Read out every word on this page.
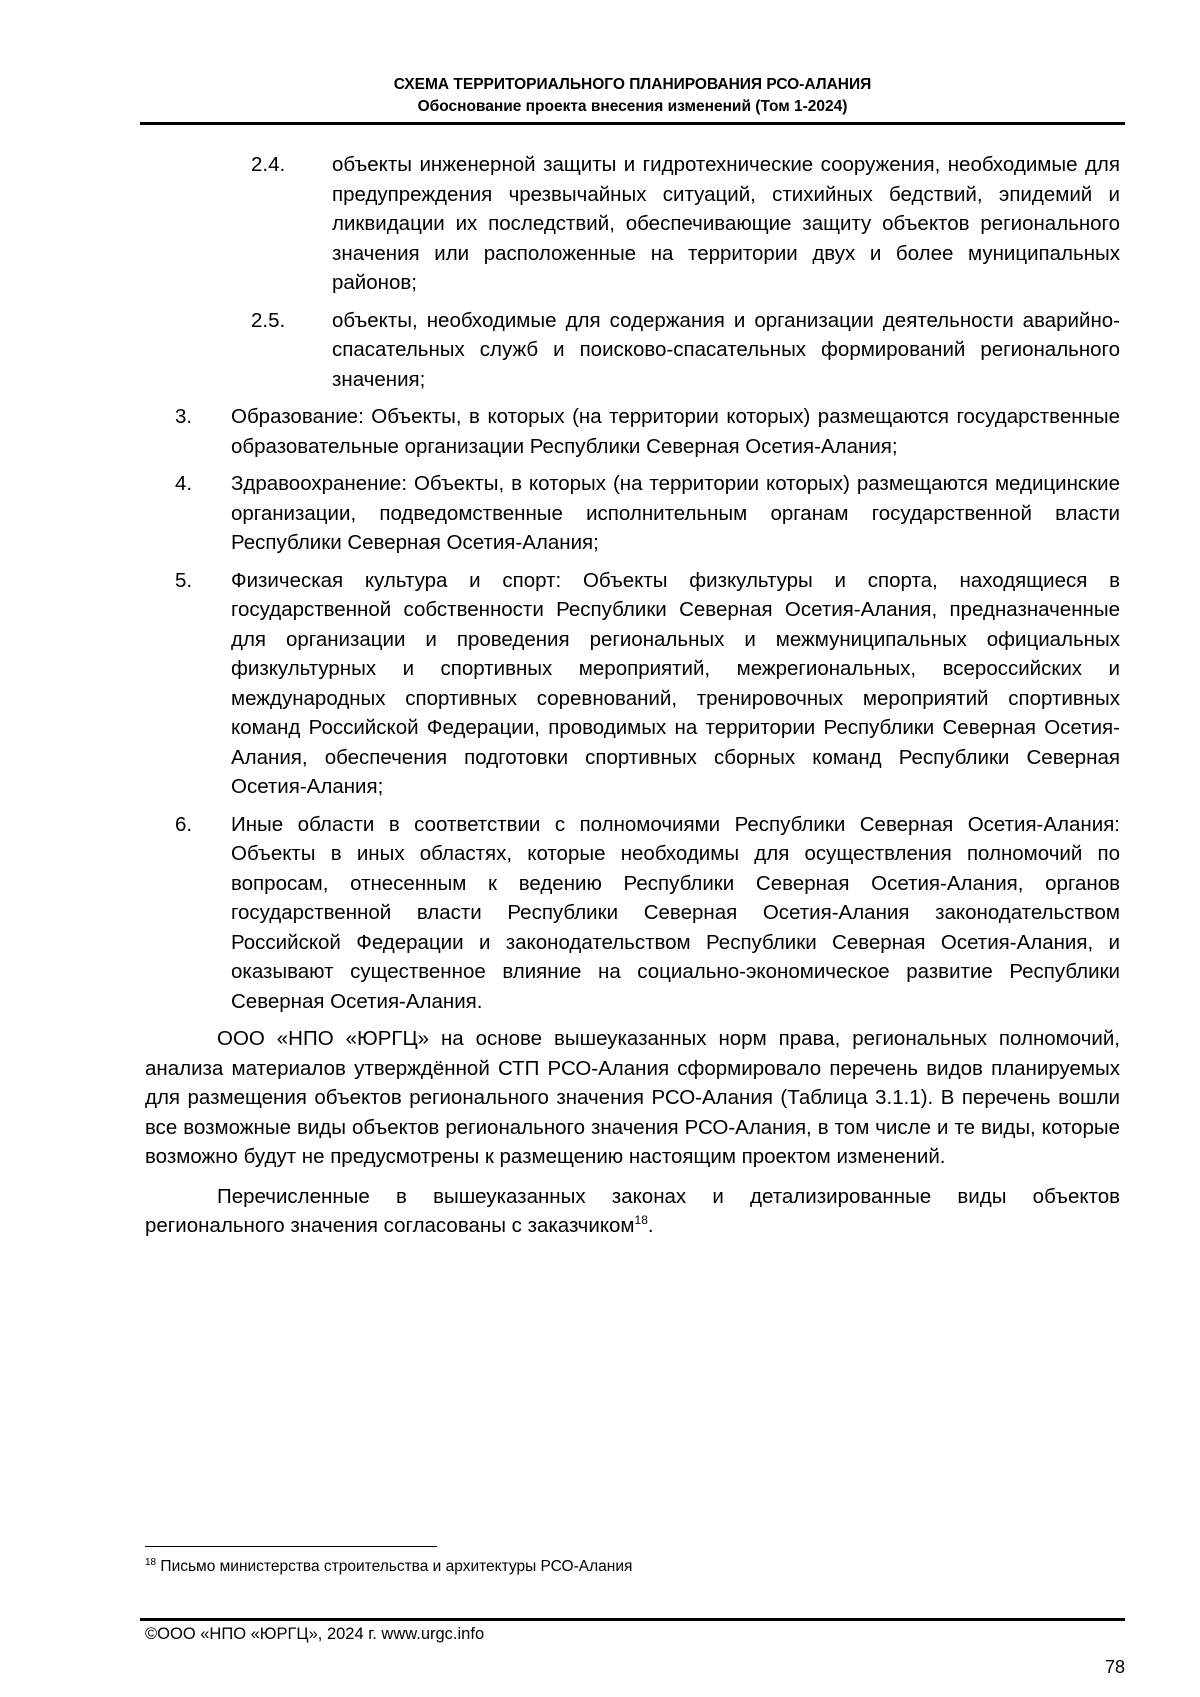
СХЕМА ТЕРРИТОРИАЛЬНОГО ПЛАНИРОВАНИЯ РСО-АЛАНИЯ
Обоснование проекта внесения изменений (Том 1-2024)
2.4. объекты инженерной защиты и гидротехнические сооружения, необходимые для предупреждения чрезвычайных ситуаций, стихийных бедствий, эпидемий и ликвидации их последствий, обеспечивающие защиту объектов регионального значения или расположенные на территории двух и более муниципальных районов;
2.5. объекты, необходимые для содержания и организации деятельности аварийно-спасательных служб и поисково-спасательных формирований регионального значения;
3. Образование: Объекты, в которых (на территории которых) размещаются государственные образовательные организации Республики Северная Осетия-Алания;
4. Здравоохранение: Объекты, в которых (на территории которых) размещаются медицинские организации, подведомственные исполнительным органам государственной власти Республики Северная Осетия-Алания;
5. Физическая культура и спорт: Объекты физкультуры и спорта, находящиеся в государственной собственности Республики Северная Осетия-Алания, предназначенные для организации и проведения региональных и межмуниципальных официальных физкультурных и спортивных мероприятий, межрегиональных, всероссийских и международных спортивных соревнований, тренировочных мероприятий спортивных команд Российской Федерации, проводимых на территории Республики Северная Осетия-Алания, обеспечения подготовки спортивных сборных команд Республики Северная Осетия-Алания;
6. Иные области в соответствии с полномочиями Республики Северная Осетия-Алания: Объекты в иных областях, которые необходимы для осуществления полномочий по вопросам, отнесенным к ведению Республики Северная Осетия-Алания, органов государственной власти Республики Северная Осетия-Алания законодательством Российской Федерации и законодательством Республики Северная Осетия-Алания, и оказывают существенное влияние на социально-экономическое развитие Республики Северная Осетия-Алания.

ООО «НПО «ЮРГЦ» на основе вышеуказанных норм права, региональных полномочий, анализа материалов утверждённой СТП РСО-Алания сформировало перечень видов планируемых для размещения объектов регионального значения РСО-Алания (Таблица 3.1.1). В перечень вошли все возможные виды объектов регионального значения РСО-Алания, в том числе и те виды, которые возможно будут не предусмотрены к размещению настоящим проектом изменений.

Перечисленные в вышеуказанных законах и детализированные виды объектов регионального значения согласованы с заказчиком$^{18}$.

$^{18}$ Письмо министерства строительства и архитектуры РСО-Алания
©ООО «НПО «ЮРГЦ», 2024 г. www.urgc.info
78
